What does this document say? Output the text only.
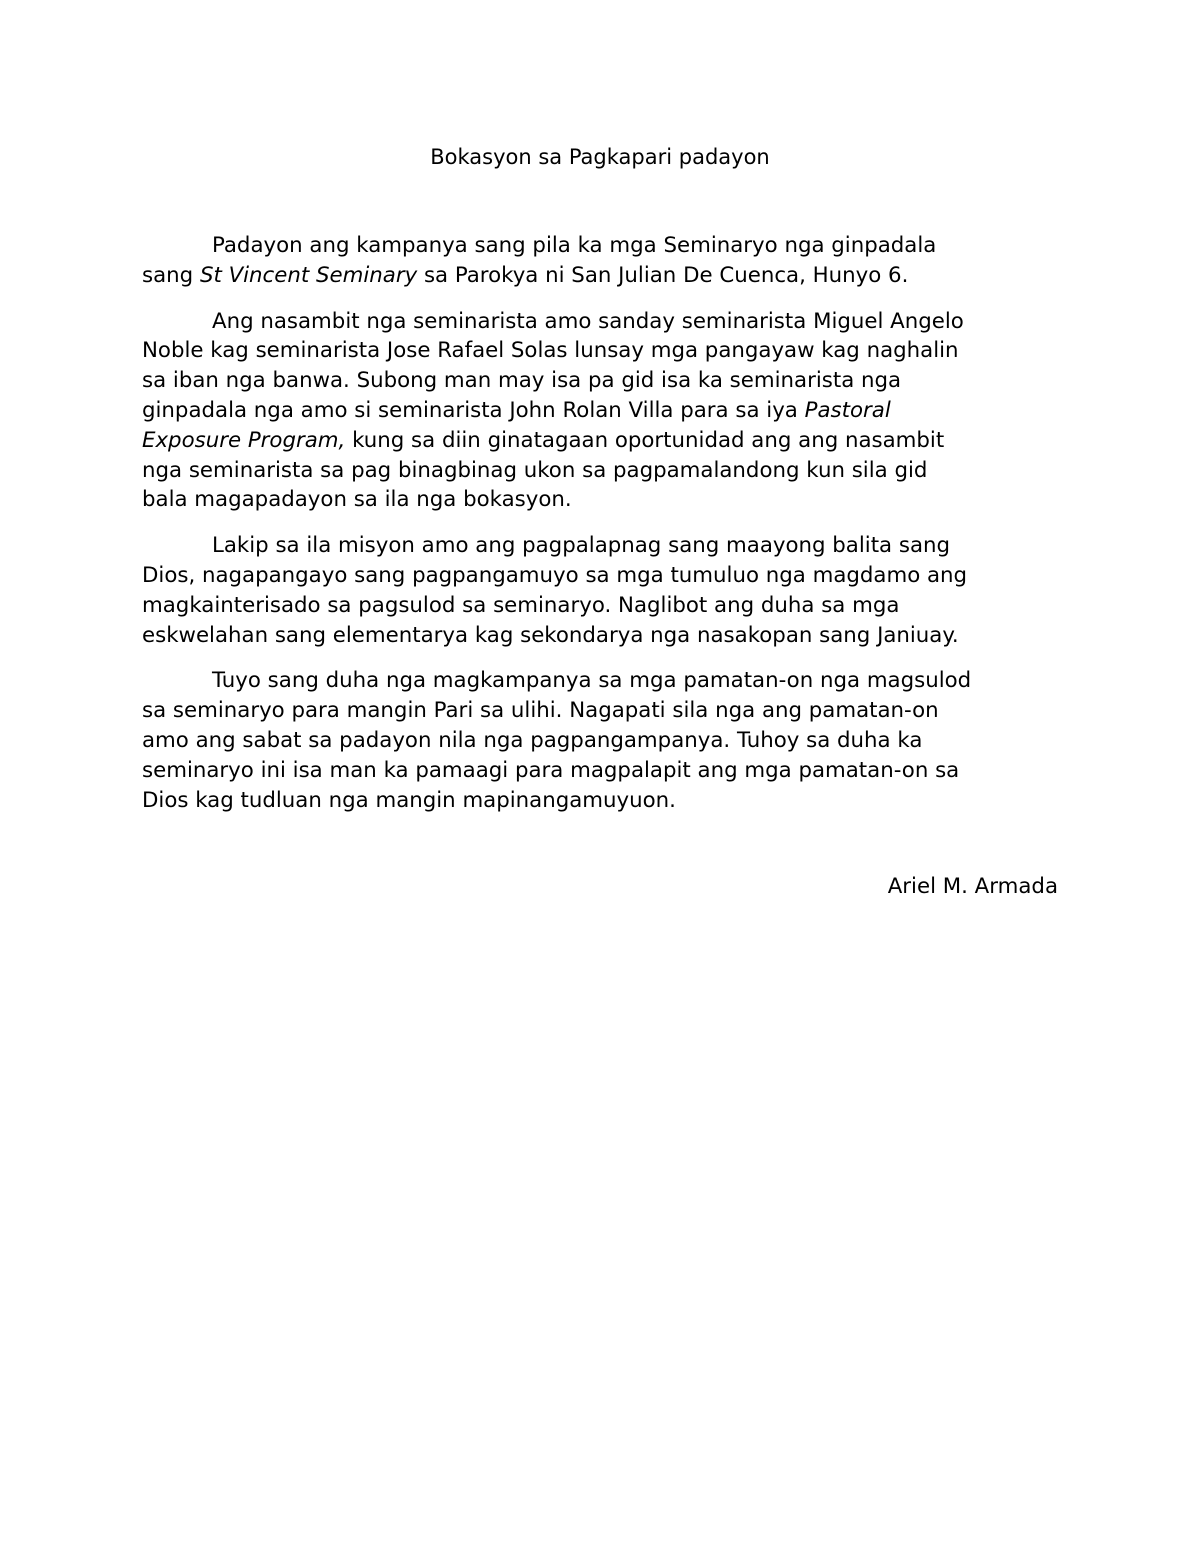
Bokasyon sa Pagkapari padayon

Padayon ang kampanya sang pila ka mga Seminaryo nga ginpadala
sang St Vincent Seminary sa Parokya ni San Julian De Cuenca, Hunyo 6.

Ang nasambit nga seminarista amo sanday seminarista Miguel Angelo
Noble kag seminarista Jose Rafael Solas lunsay mga pangayaw kag naghalin
sa iban nga banwa. Subong man may isa pa gid isa ka seminarista nga
ginpadala nga amo si seminarista John Rolan Villa para sa iya Pastoral
Exposure Program, kung sa diin ginatagaan oportunidad ang ang nasambit
nga seminarista sa pag binagbinag ukon sa pagpamalandong kun sila gid
bala magapadayon sa ila nga bokasyon.

Lakip sa ila misyon amo ang pagpalapnag sang maayong balita sang
Dios, nagapangayo sang pagpangamuyo sa mga tumuluo nga magdamo ang
magkainterisado sa pagsulod sa seminaryo. Naglibot ang duha sa mga
eskwelahan sang elementarya kag sekondarya nga nasakopan sang Janiuay.

Tuyo sang duha nga magkampanya sa mga pamatan-on nga magsulod
sa seminaryo para mangin Pari sa ulihi. Nagapati sila nga ang pamatan-on
amo ang sabat sa padayon nila nga pagpangampanya. Tuhoy sa duha ka
seminaryo ini isa man ka pamaagi para magpalapit ang mga pamatan-on sa
Dios kag tudluan nga mangin mapinangamuyuon.

Ariel M. Armada
